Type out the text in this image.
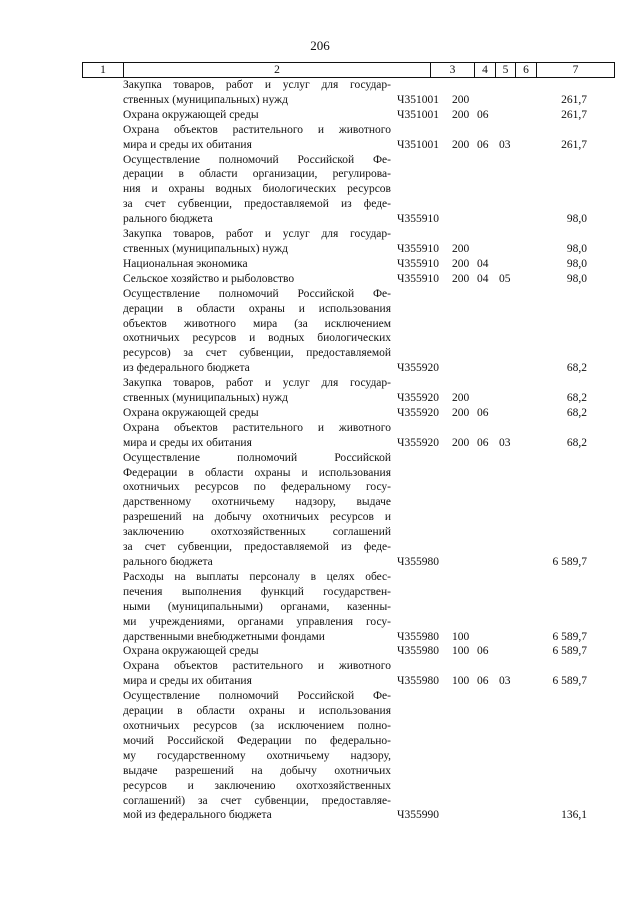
206
1	2	3	4	5	6	7
Закупка товаров, работ и услуг для государ-
ственных (муниципальных) нужд	Ч351001 200	261,7
Охрана окружающей среды	Ч351001 200 06	261,7
Охрана объектов растительного и животного
мира и среды их обитания	Ч351001 200 06 03	261,7
Осуществление полномочий Российской Фе-
дерации в области организации, регулирова-
ния и охраны водных биологических ресурсов
за счет субвенции, предоставляемой из феде-
рального бюджета	Ч355910	98,0
Закупка товаров, работ и услуг для государ-
ственных (муниципальных) нужд	Ч355910 200	98,0
Национальная экономика	Ч355910 200 04	98,0
Сельское хозяйство и рыболовство	Ч355910 200 04 05	98,0
Осуществление полномочий Российской Фе-
дерации в области охраны и использования
объектов животного мира (за исключением
охотничьих ресурсов и водных биологических
ресурсов) за счет субвенции, предоставляемой
из федерального бюджета	Ч355920	68,2
Закупка товаров, работ и услуг для государ-
ственных (муниципальных) нужд	Ч355920 200	68,2
Охрана окружающей среды	Ч355920 200 06	68,2
Охрана объектов растительного и животного
мира и среды их обитания	Ч355920 200 06 03	68,2
Осуществление полномочий Российской
Федерации в области охраны и использования
охотничьих ресурсов по федеральному госу-
дарственному охотничьему надзору, выдаче
разрешений на добычу охотничьих ресурсов и
заключению охотхозяйственных соглашений
за счет субвенции, предоставляемой из феде-
рального бюджета	Ч355980	6 589,7
Расходы на выплаты персоналу в целях обес-
печения выполнения функций государствен-
ными (муниципальными) органами, казенны-
ми учреждениями, органами управления госу-
дарственными внебюджетными фондами	Ч355980 100	6 589,7
Охрана окружающей среды	Ч355980 100 06	6 589,7
Охрана объектов растительного и животного
мира и среды их обитания	Ч355980 100 06 03	6 589,7
Осуществление полномочий Российской Фе-
дерации в области охраны и использования
охотничьих ресурсов (за исключением полно-
мочий Российской Федерации по федерально-
му государственному охотничьему надзору,
выдаче разрешений на добычу охотничьих
ресурсов и заключению охотхозяйственных
соглашений) за счет субвенции, предоставляе-
мой из федерального бюджета	Ч355990	136,1
